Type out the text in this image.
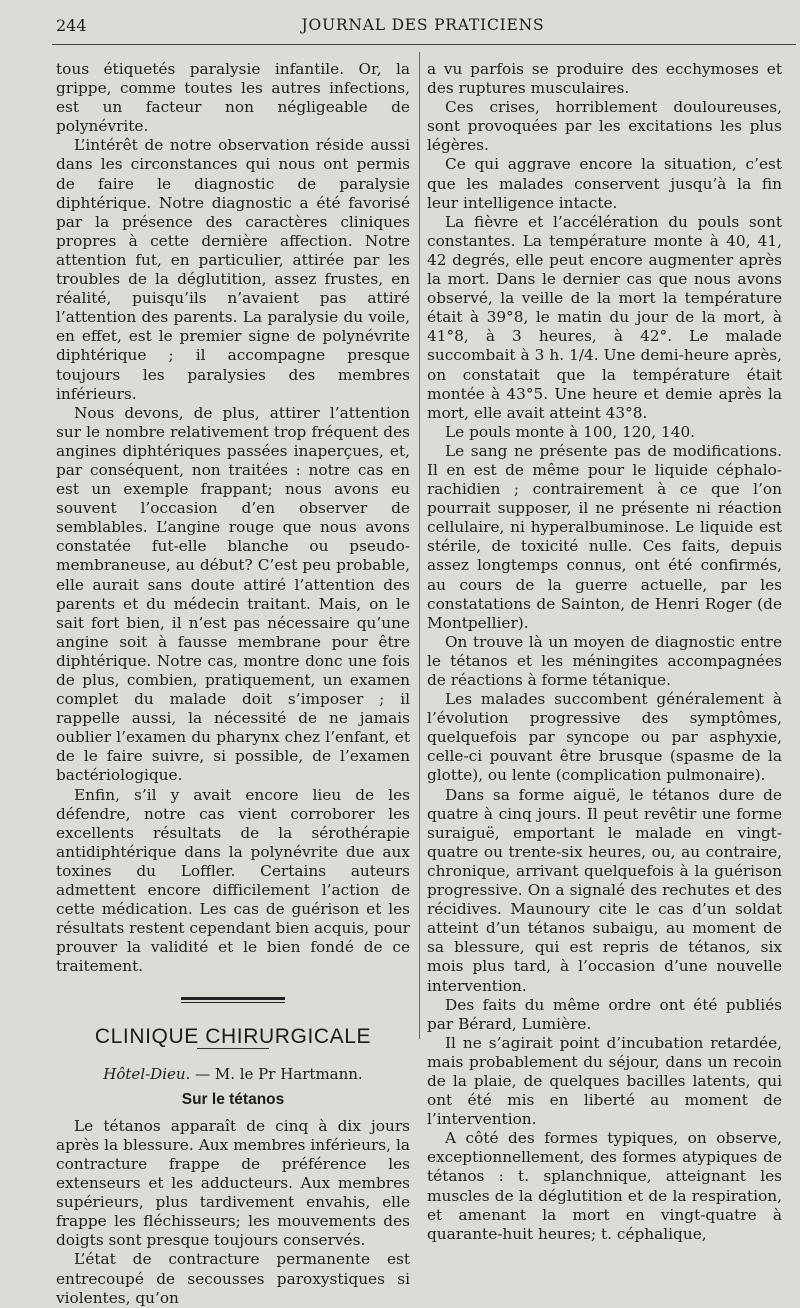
244	JOURNAL DES PRATICIENS

tous étiquetés paralysie infantile. Or, la grippe, comme toutes les autres infections, est un facteur non négligeable de polynévrite.

L’intérêt de notre observation réside aussi dans les circonstances qui nous ont permis de faire le diagnostic de paralysie diphtérique. Notre diagnostic a été favorisé par la présence des caractères cliniques propres à cette dernière affection. Notre attention fut, en particulier, attirée par les troubles de la déglutition, assez frustes, en réalité, puisqu’ils n’avaient pas attiré l’attention des parents. La paralysie du voile, en effet, est le premier signe de polynévrite diphtérique ; il accompagne presque toujours les paralysies des membres inférieurs.

Nous devons, de plus, attirer l’attention sur le nombre relativement trop fréquent des angines diphtériques passées inaperçues, et, par conséquent, non traitées : notre cas en est un exemple frappant; nous avons eu souvent l’occasion d’en observer de semblables. L’angine rouge que nous avons constatée fut-elle blanche ou pseudo-membraneuse, au début? C’est peu probable, elle aurait sans doute attiré l’attention des parents et du médecin traitant. Mais, on le sait fort bien, il n’est pas nécessaire qu’une angine soit à fausse membrane pour être diphtérique. Notre cas, montre donc une fois de plus, combien, pratiquement, un examen complet du malade doit s’imposer ; il rappelle aussi, la nécessité de ne jamais oublier l’examen du pharynx chez l’enfant, et de le faire suivre, si possible, de l’examen bactériologique.

Enfin, s’il y avait encore lieu de les défendre, notre cas vient corroborer les excellents résultats de la sérothérapie antidiphtérique dans la polynévrite due aux toxines du Loffler. Certains auteurs admettent encore difficilement l’action de cette médication. Les cas de guérison et les résultats restent cependant bien acquis, pour prouver la validité et le bien fondé de ce traitement.

CLINIQUE CHIRURGICALE
Hôtel-Dieu. — M. le Pr Hartmann.
Sur le tétanos

Le tétanos apparaît de cinq à dix jours après la blessure. Aux membres inférieurs, la contracture frappe de préférence les extenseurs et les adducteurs. Aux membres supérieurs, plus tardivement envahis, elle frappe les fléchisseurs; les mouvements des doigts sont presque toujours conservés.

L’état de contracture permanente est entrecoupé de secousses paroxystiques si violentes, qu’on

a vu parfois se produire des ecchymoses et des ruptures musculaires.

Ces crises, horriblement douloureuses, sont provoquées par les excitations les plus légères.

Ce qui aggrave encore la situation, c’est que les malades conservent jusqu’à la fin leur intelligence intacte.

La fièvre et l’accélération du pouls sont constantes. La température monte à 40, 41, 42 degrés, elle peut encore augmenter après la mort. Dans le dernier cas que nous avons observé, la veille de la mort la température était à 39°8, le matin du jour de la mort, à 41°8, à 3 heures, à 42°. Le malade succombait à 3 h. 1/4. Une demi-heure après, on constatait que la température était montée à 43°5. Une heure et demie après la mort, elle avait atteint 43°8.

Le pouls monte à 100, 120, 140.

Le sang ne présente pas de modifications. Il en est de même pour le liquide céphalo-rachidien ; contrairement à ce que l’on pourrait supposer, il ne présente ni réaction cellulaire, ni hyperalbuminose. Le liquide est stérile, de toxicité nulle. Ces faits, depuis assez longtemps connus, ont été confirmés, au cours de la guerre actuelle, par les constatations de Sainton, de Henri Roger (de Montpellier).

On trouve là un moyen de diagnostic entre le tétanos et les méningites accompagnées de réactions à forme tétanique.

Les malades succombent généralement à l’évolution progressive des symptômes, quelquefois par syncope ou par asphyxie, celle-ci pouvant être brusque (spasme de la glotte), ou lente (complication pulmonaire).

Dans sa forme aiguë, le tétanos dure de quatre à cinq jours. Il peut revêtir une forme suraiguë, emportant le malade en vingt-quatre ou trente-six heures, ou, au contraire, chronique, arrivant quelquefois à la guérison progressive. On a signalé des rechutes et des récidives. Maunoury cite le cas d’un soldat atteint d’un tétanos subaigu, au moment de sa blessure, qui est repris de tétanos, six mois plus tard, à l’occasion d’une nouvelle intervention.

Des faits du même ordre ont été publiés par Bérard, Lumière.

Il ne s’agirait point d’incubation retardée, mais probablement du séjour, dans un recoin de la plaie, de quelques bacilles latents, qui ont été mis en liberté au moment de l’intervention.

A côté des formes typiques, on observe, exceptionnellement, des formes atypiques de tétanos : t. splanchnique, atteignant les muscles de la déglutition et de la respiration, et amenant la mort en vingt-quatre à quarante-huit heures; t. céphalique,
